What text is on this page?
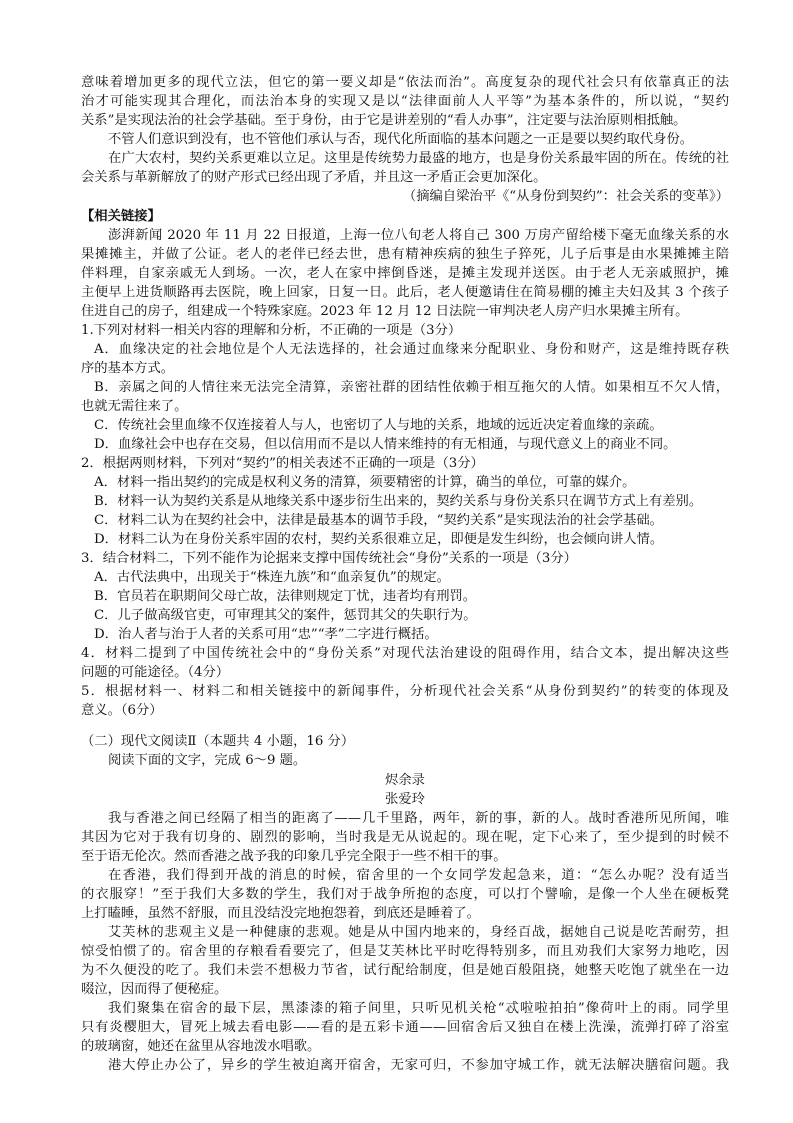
意味着增加更多的现代立法，但它的第一要义却是“依法而治”。高度复杂的现代社会只有依靠真正的法
治才可能实现其合理化，而法治本身的实现又是以“法律面前人人平等”为基本条件的，所以说，“契约
关系”是实现法治的社会学基础。至于身份，由于它是讲差别的“看人办事”，注定要与法治原则相抵触。
不管人们意识到没有，也不管他们承认与否，现代化所面临的基本问题之一正是要以契约取代身份。
在广大农村，契约关系更难以立足。这里是传统势力最盛的地方，也是身份关系最牢固的所在。传统的社
会关系与革新解放了的财产形式已经出现了矛盾，并且这一矛盾正会更加深化。
（摘编自梁治平《“从身份到契约”：社会关系的变革》）
【相关链接】
澎湃新闻 2020 年 11 月 22 日报道，上海一位八旬老人将自己 300 万房产留给楼下毫无血缘关系的水
果摊摊主，并做了公证。老人的老伴已经去世，患有精神疾病的独生子猝死，儿子后事是由水果摊摊主陪
伴料理，自家亲戚无人到场。一次，老人在家中摔倒昏迷，是摊主发现并送医。由于老人无亲戚照护，摊
主便早上进货顺路再去医院，晚上回家，日复一日。此后，老人便邀请住在简易棚的摊主夫妇及其 3 个孩子
住进自己的房子，组建成一个特殊家庭。2023 年 12 月 12 日法院一审判决老人房产归水果摊主所有。
1.下列对材料一相关内容的理解和分析，不正确的一项是（3分）
A．血缘决定的社会地位是个人无法选择的，社会通过血缘来分配职业、身份和财产，这是维持既存秩
序的基本方式。
B．亲属之间的人情往来无法完全清算，亲密社群的团结性依赖于相互拖欠的人情。如果相互不欠人情，
也就无需往来了。
C．传统社会里血缘不仅连接着人与人，也密切了人与地的关系，地域的远近决定着血缘的亲疏。
D．血缘社会中也存在交易，但以信用而不是以人情来维持的有无相通，与现代意义上的商业不同。
2．根据两则材料，下列对“契约”的相关表述不正确的一项是（3分）
A．材料一指出契约的完成是权利义务的清算，须要精密的计算，确当的单位，可靠的媒介。
B．材料一认为契约关系是从地缘关系中逐步衍生出来的，契约关系与身份关系只在调节方式上有差别。
C．材料二认为在契约社会中，法律是最基本的调节手段，“契约关系”是实现法治的社会学基础。
D．材料二认为在身份关系牢固的农村，契约关系很难立足，即便是发生纠纷，也会倾向讲人情。
3．结合材料二，下列不能作为论据来支撑中国传统社会“身份”关系的一项是（3分）
A．古代法典中，出现关于“株连九族”和“血亲复仇”的规定。
B．官员若在职期间父母亡故，法律则规定丁忧，违者均有刑罚。
C．儿子做高级官吏，可审理其父的案件，惩罚其父的失职行为。
D．治人者与治于人者的关系可用“忠”“孝”二字进行概括。
4．材料二提到了中国传统社会中的“身份关系”对现代法治建设的阻碍作用，结合文本，提出解决这些
问题的可能途径。（4分）
5．根据材料一、材料二和相关链接中的新闻事件，分析现代社会关系“从身份到契约”的转变的体现及
意义。（6分）
（二）现代文阅读Ⅱ（本题共 4 小题，16 分）
阅读下面的文字，完成 6～9 题。
烬余录
张爱玲
我与香港之间已经隔了相当的距离了——几千里路，两年，新的事，新的人。战时香港所见所闻，唯
其因为它对于我有切身的、剧烈的影响，当时我是无从说起的。现在呢，定下心来了，至少提到的时候不
至于语无伦次。然而香港之战予我的印象几乎完全限于一些不相干的事。
在香港，我们得到开战的消息的时候，宿舍里的一个女同学发起急来，道：“怎么办呢？没有适当
的衣服穿！”至于我们大多数的学生，我们对于战争所抱的态度，可以打个譬喻，是像一个人坐在硬板凳
上打瞌睡，虽然不舒服，而且没结没完地抱怨着，到底还是睡着了。
艾芙林的悲观主义是一种健康的悲观。她是从中国内地来的，身经百战，据她自己说是吃苦耐劳，担
惊受怕惯了的。宿舍里的存粮看看要完了，但是艾芙林比平时吃得特别多，而且劝我们大家努力地吃，因
为不久便没的吃了。我们未尝不想极力节省，试行配给制度，但是她百般阻挠，她整天吃饱了就坐在一边
啜泣，因而得了便秘症。
我们聚集在宿舍的最下层，黑漆漆的箱子间里，只听见机关枪“忒啦啦拍拍”像荷叶上的雨。同学里
只有炎樱胆大，冒死上城去看电影——看的是五彩卡通——回宿舍后又独自在楼上洗澡，流弹打碎了浴室
的玻璃窗，她还在盆里从容地泼水唱歌。
港大停止办公了，异乡的学生被迫离开宿舍，无家可归，不参加守城工作，就无法解决膳宿问题。我
